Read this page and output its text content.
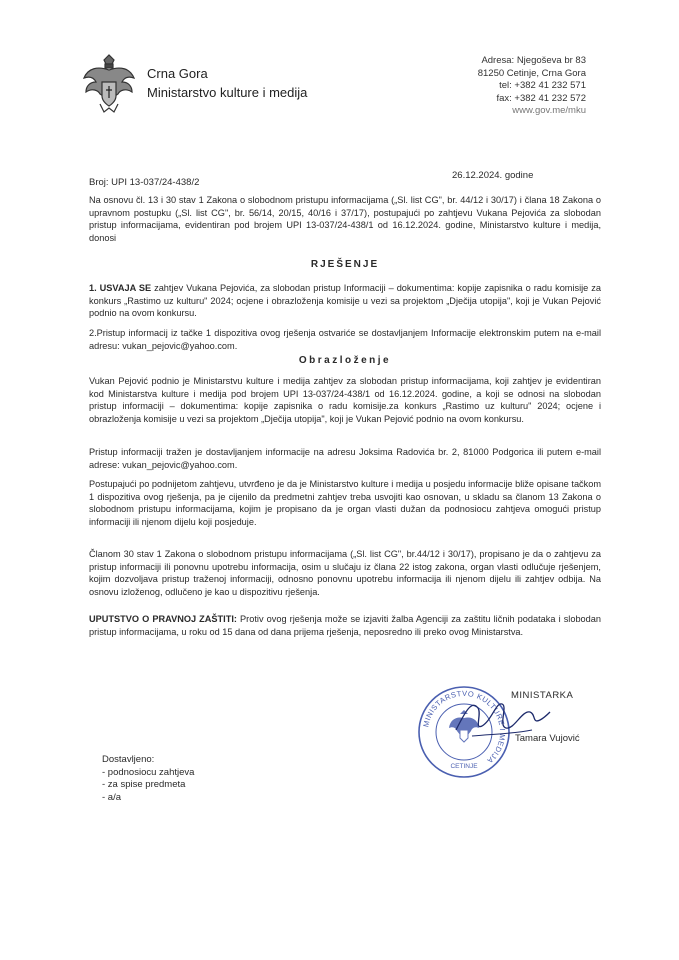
Crna Gora
Ministarstvo kulture i medija
Adresa: Njegoševa br 83
81250 Cetinje, Crna Gora
tel: +382 41 232 571
fax: +382 41 232 572
www.gov.me/mku
26.12.2024. godine
Broj: UPI 13-037/24-438/2
Na osnovu čl. 13 i 30 stav 1 Zakona o slobodnom pristupu informacijama („Sl. list CG", br. 44/12 i 30/17) i člana 18 Zakona o upravnom postupku („Sl. list CG", br. 56/14, 20/15, 40/16 i 37/17), postupajući po zahtjevu Vukana Pejovića za slobodan pristup informacijama, evidentiran pod brojem UPI 13-037/24-438/1 od 16.12.2024. godine, Ministarstvo kulture i medija, donosi
RJEŠENJE
1. USVAJA SE zahtjev Vukana Pejovića, za slobodan pristup Informaciji – dokumentima: kopije zapisnika o radu komisije za konkurs „Rastimo uz kulturu" 2024; ocjene i obrazloženja komisije u vezi sa projektom „Dječija utopija", koji je Vukan Pejović podnio na ovom konkursu.
2.Pristup informacij iz tačke 1 dispozitiva ovog rješenja ostvariće se dostavljanjem Informacije elektronskim putem na e-mail adresu: vukan_pejovic@yahoo.com.
Obrazloženje
Vukan Pejović podnio je Ministarstvu kulture i medija zahtjev za slobodan pristup informacijama, koji zahtjev je evidentiran kod Ministarstva kulture i medija pod brojem UPI 13-037/24-438/1 od 16.12.2024. godine, a koji se odnosi na slobodan pristup informaciji – dokumentima: kopije zapisnika o radu komisije.za konkurs „Rastimo uz kulturu" 2024; ocjene i obrazloženja komisije u vezi sa projektom „Dječija utopija", koji je Vukan Pejović podnio na ovom konkursu.
Pristup informaciji tražen je dostavljanjem informacije na adresu Joksima Radovića br. 2, 81000 Podgorica ili putem e-mail adrese: vukan_pejovic@yahoo.com.
Postupajući po podnijetom zahtjevu, utvrđeno je da je Ministarstvo kulture i medija u posjedu informacije bliže opisane tačkom 1 dispozitiva ovog rješenja, pa je cijenilo da predmetni zahtjev treba usvojiti kao osnovan, u skladu sa članom 13 Zakona o slobodnom pristupu informacijama, kojim je propisano da je organ vlasti dužan da podnosiocu zahtjeva omogući pristup informaciji ili njenom dijelu koji posjeduje.
Članom 30 stav 1 Zakona o slobodnom pristupu informacijama („Sl. list CG", br.44/12 i 30/17), propisano je da o zahtjevu za pristup informaciji ili ponovnu upotrebu informacija, osim u slučaju iz člana 22 istog zakona, organ vlasti odlučuje rješenjem, kojim dozvoljava pristup traženoj informaciji, odnosno ponovnu upotrebu informacija ili njenom dijelu ili zahtjev odbija. Na osnovu izloženog, odlučeno je kao u dispozitivu rješenja.
UPUTSTVO O PRAVNOJ ZAŠTITI: Protiv ovog rješenja može se izjaviti žalba Agenciji za zaštitu ličnih podataka i slobodan pristup informacijama, u roku od 15 dana od dana prijema rješenja, neposredno ili preko ovog Ministarstva.
MINISTARSTVO KULTURE I MEDIJA
CETINJE
MINISTARKA
Tamara Vujović
Dostavljeno:
- podnosiocu zahtjeva
- za spise predmeta
- a/a
